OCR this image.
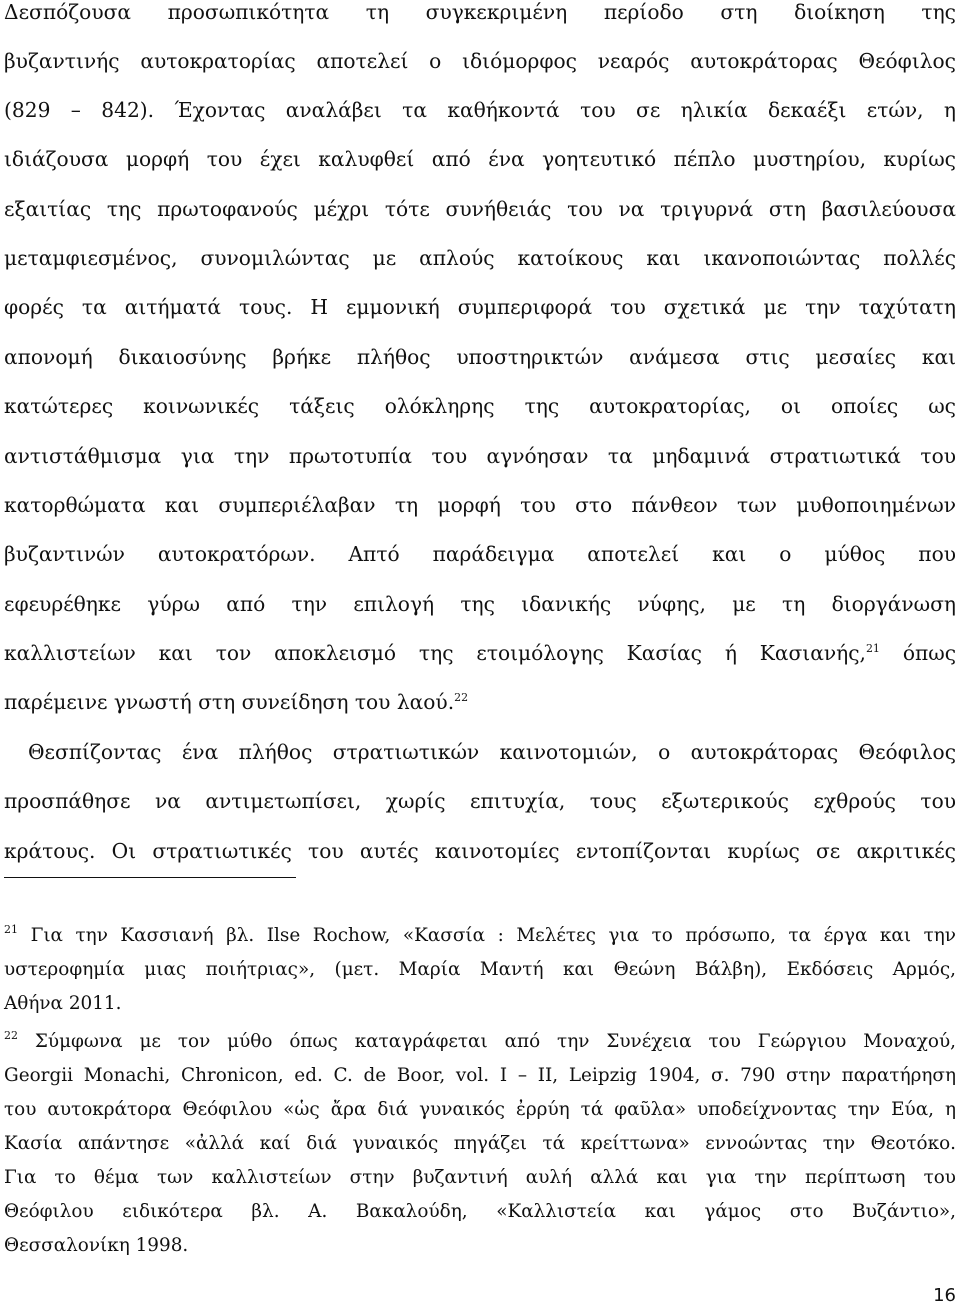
Δεσπόζουσα προσωπικότητα τη συγκεκριμένη περίοδο στη διοίκηση της
βυζαντινής αυτοκρατορίας αποτελεί ο ιδιόμορφος νεαρός αυτοκράτορας Θεόφιλος
(829 – 842). Έχοντας αναλάβει τα καθήκοντά του σε ηλικία δεκαέξι ετών, η
ιδιάζουσα μορφή του έχει καλυφθεί από ένα γοητευτικό πέπλο μυστηρίου, κυρίως
εξαιτίας της πρωτοφανούς μέχρι τότε συνήθειάς του να τριγυρνά στη βασιλεύουσα
μεταμφιεσμένος, συνομιλώντας με απλούς κατοίκους και ικανοποιώντας πολλές
φορές τα αιτήματά τους. Η εμμονική συμπεριφορά του σχετικά με την ταχύτατη
απονομή δικαιοσύνης βρήκε πλήθος υποστηρικτών ανάμεσα στις μεσαίες και
κατώτερες κοινωνικές τάξεις ολόκληρης της αυτοκρατορίας, οι οποίες ως
αντιστάθμισμα για την πρωτοτυπία του αγνόησαν τα μηδαμινά στρατιωτικά του
κατορθώματα και συμπεριέλαβαν τη μορφή του στο πάνθεον των μυθοποιημένων
βυζαντινών αυτοκρατόρων. Απτό παράδειγμα αποτελεί και ο μύθος που
εφευρέθηκε γύρω από την επιλογή της ιδανικής νύφης, με τη διοργάνωση
καλλιστείων και τον αποκλεισμό της ετοιμόλογης Κασίας ή Κασιανής,$^{21}$ όπως
παρέμεινε γνωστή στη συνείδηση του λαού.$^{22}$
Θεσπίζοντας ένα πλήθος στρατιωτικών καινοτομιών, ο αυτοκράτορας Θεόφιλος
προσπάθησε να αντιμετωπίσει, χωρίς επιτυχία, τους εξωτερικούς εχθρούς του
κράτους. Οι στρατιωτικές του αυτές καινοτομίες εντοπίζονται κυρίως σε ακριτικές
$^{21}$ Για την Κασσιανή βλ. Ilse Rochow, «Κασσία : Μελέτες για το πρόσωπο, τα έργα και την
υστεροφημία μιας ποιήτριας», (μετ. Μαρία Μαντή και Θεώνη Βάλβη), Εκδόσεις Αρμός,
Αθήνα 2011.
$^{22}$ Σύμφωνα με τον μύθο όπως καταγράφεται από την Συνέχεια του Γεώργιου Μοναχού,
Georgii Monachi, Chronicon, ed. C. de Boor, vol. I – II, Leipzig 1904, σ. 790 στην παρατήρηση
του αυτοκράτορα Θεόφιλου «ὡς ἄρα διά γυναικός ἐρρύη τά φαῦλα» υποδείχνοντας την Εύα, η
Κασία απάντησε «ἀλλά καί διά γυναικός πηγάζει τά κρείττωνα» εννοώντας την Θεοτόκο.
Για το θέμα των καλλιστείων στην βυζαντινή αυλή αλλά και για την περίπτωση του
Θεόφιλου ειδικότερα βλ. Α. Βακαλούδη, «Καλλιστεία και γάμος στο Βυζάντιο»,
Θεσσαλονίκη 1998.
16
